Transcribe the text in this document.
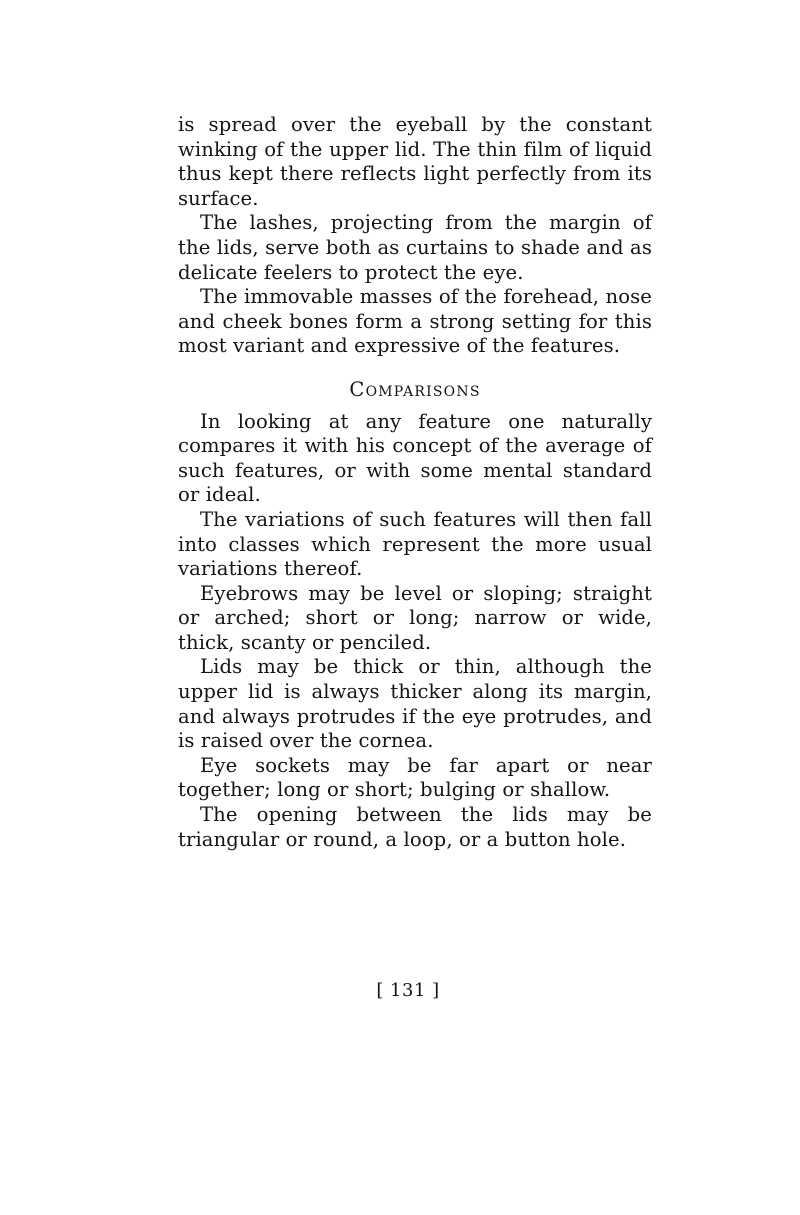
is spread over the eyeball by the constant winking of the upper lid. The thin film of liquid thus kept there reflects light perfectly from its surface.

The lashes, projecting from the margin of the lids, serve both as curtains to shade and as delicate feelers to protect the eye.

The immovable masses of the forehead, nose and cheek bones form a strong setting for this most variant and expressive of the features.

Comparisons

In looking at any feature one naturally compares it with his concept of the average of such features, or with some mental standard or ideal.

The variations of such features will then fall into classes which represent the more usual variations thereof.

Eyebrows may be level or sloping; straight or arched; short or long; narrow or wide, thick, scanty or penciled.

Lids may be thick or thin, although the upper lid is always thicker along its margin, and always protrudes if the eye protrudes, and is raised over the cornea.

Eye sockets may be far apart or near together; long or short; bulging or shallow.

The opening between the lids may be triangular or round, a loop, or a button hole.

[ 131 ]
